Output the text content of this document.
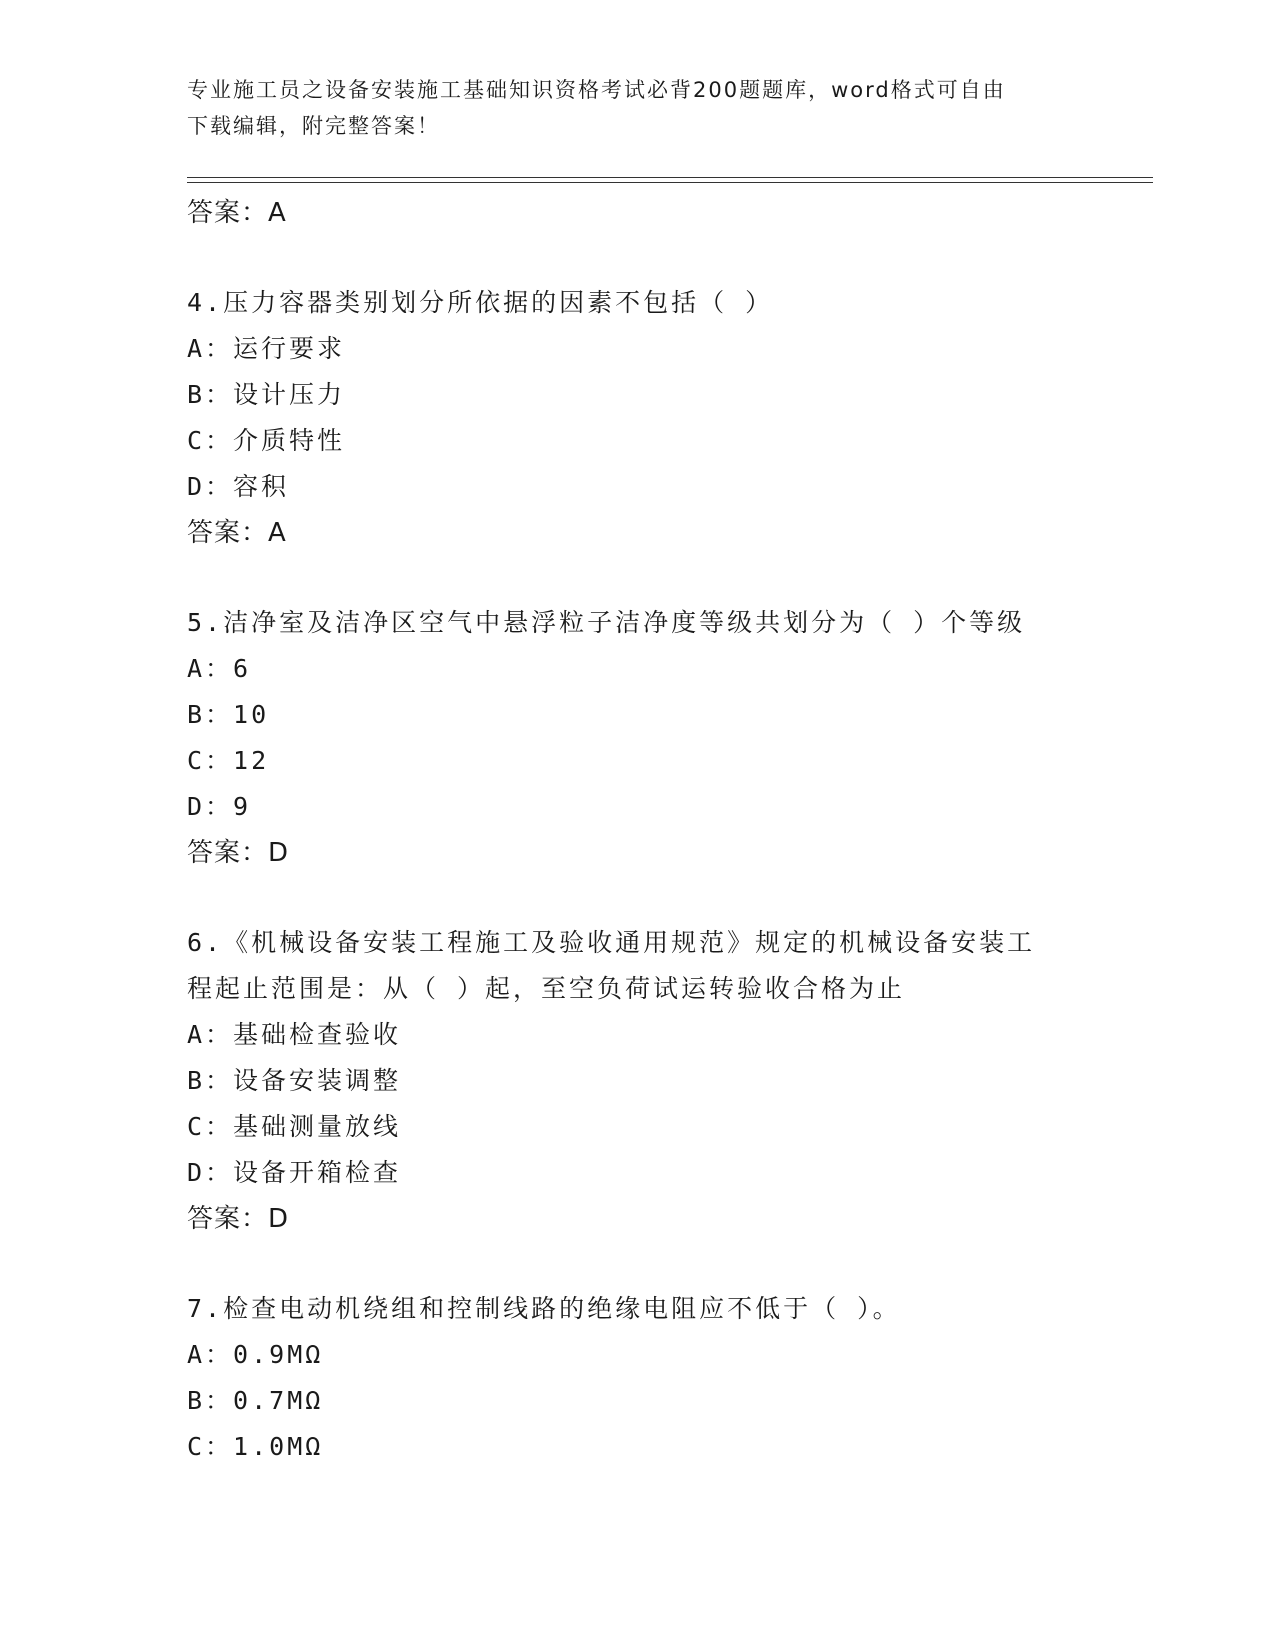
专业施工员之设备安装施工基础知识资格考试必背200题题库，word格式可自由
下载编辑，附完整答案！
答案：A
4.压力容器类别划分所依据的因素不包括（ ）
A：运行要求
B：设计压力
C：介质特性
D：容积
答案：A
5.洁净室及洁净区空气中悬浮粒子洁净度等级共划分为（ ）个等级
A：6
B：10
C：12
D：9
答案：D
6.《机械设备安装工程施工及验收通用规范》规定的机械设备安装工
程起止范围是：从（ ）起，至空负荷试运转验收合格为止
A：基础检查验收
B：设备安装调整
C：基础测量放线
D：设备开箱检查
答案：D
7.检查电动机绕组和控制线路的绝缘电阻应不低于（ ）。
A：0.9MΩ
B：0.7MΩ
C：1.0MΩ
